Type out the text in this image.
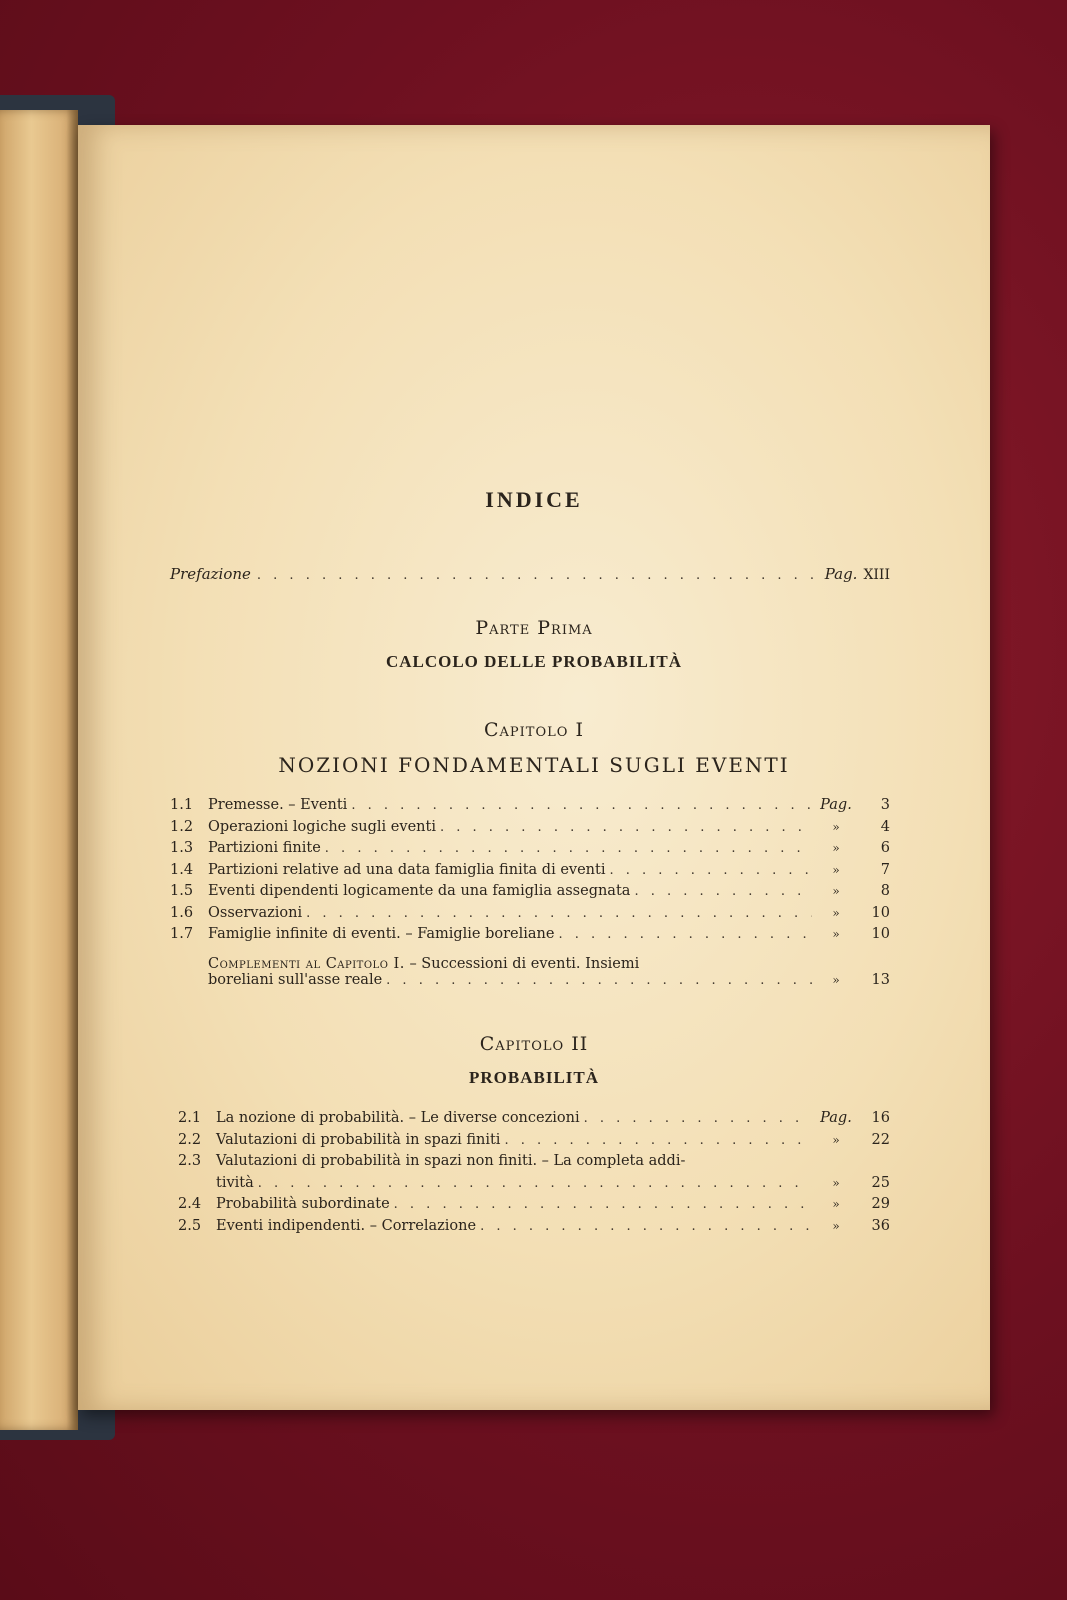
INDICE
Prefazione . . .	Pag. XIII
Parte Prima
CALCOLO DELLE PROBABILITÀ
Capitolo I
NOZIONI FONDAMENTALI SUGLI EVENTI
1.1	Premesse. – Eventi . . .	Pag.	3
1.2	Operazioni logiche sugli eventi . . .	»	4
1.3	Partizioni finite . . .	»	6
1.4	Partizioni relative ad una data famiglia finita di eventi . . .	»	7
1.5	Eventi dipendenti logicamente da una famiglia assegnata . . .	»	8
1.6	Osservazioni . . .	»	10
1.7	Famiglie infinite di eventi. – Famiglie boreliane . . .	»	10
Complementi al Capitolo I. – Successioni di eventi. Insiemi
boreliani sull'asse reale . . .	»	13
Capitolo II
PROBABILITÀ
2.1	La nozione di probabilità. – Le diverse concezioni . . .	Pag.	16
2.2	Valutazioni di probabilità in spazi finiti . . .	»	22
2.3	Valutazioni di probabilità in spazi non finiti. – La completa addi-
tività . . .	»	25
2.4	Probabilità subordinate . . .	»	29
2.5	Eventi indipendenti. – Correlazione . . .	»	36
